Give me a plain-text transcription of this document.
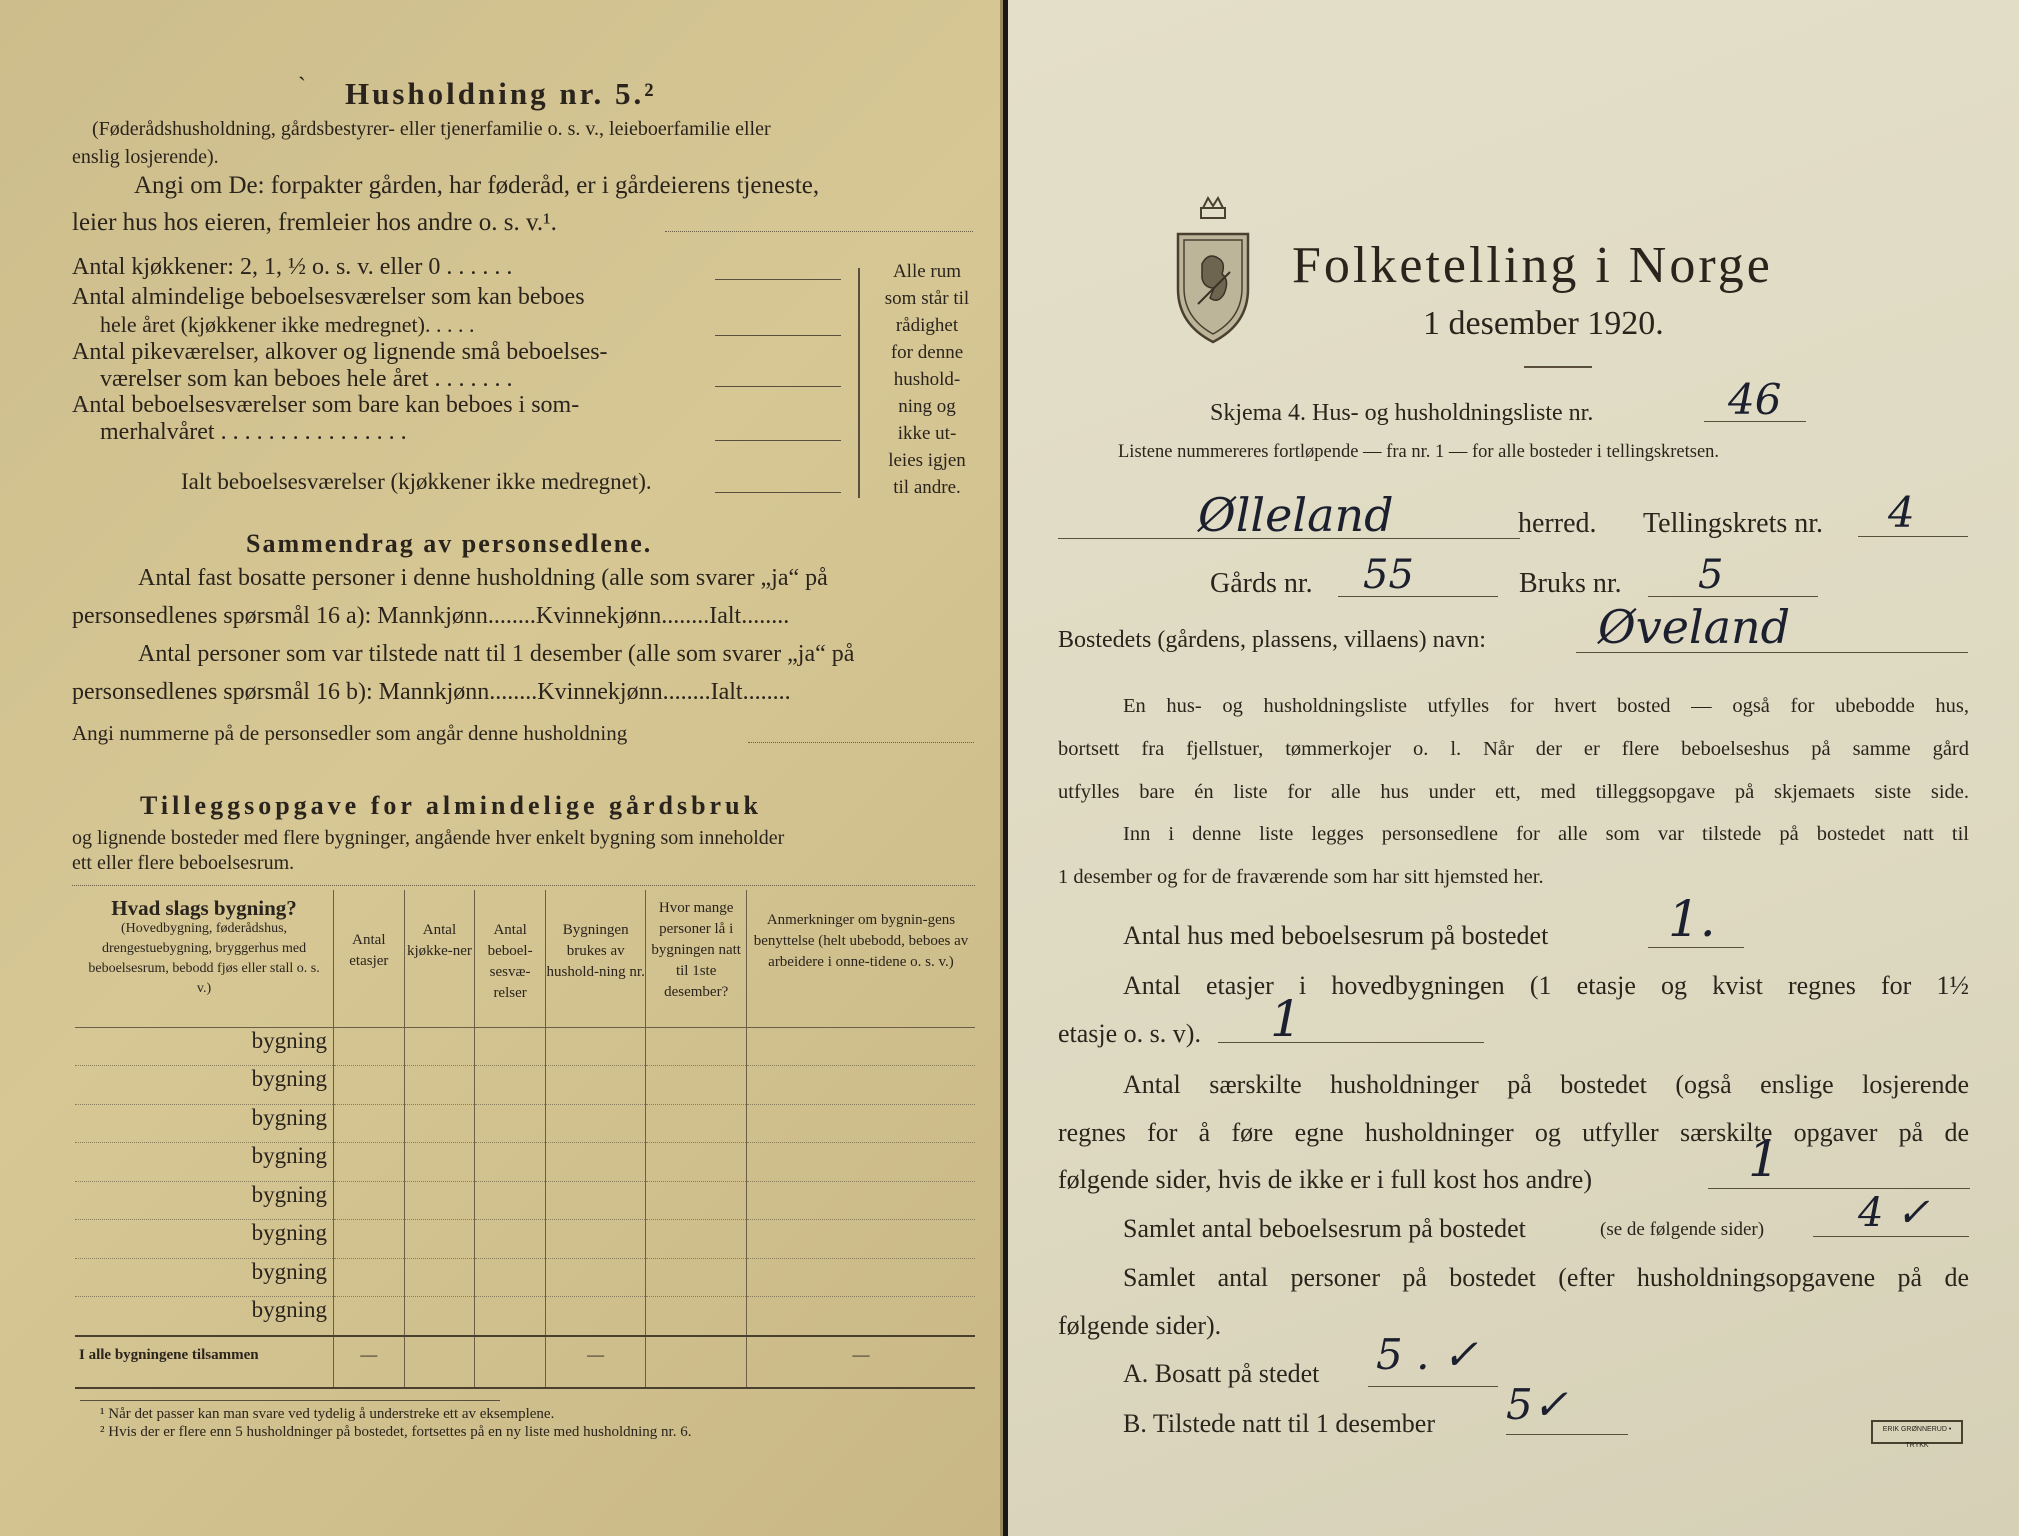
` Husholdning nr. 5.²
(Føderådshusholdning, gårdsbestyrer- eller tjenerfamilie o. s. v., leieboerfamilie eller
enslig losjerende).
Angi om De: forpakter gården, har føderåd, er i gårdeierens tjeneste,
leier hus hos eieren, fremleier hos andre o. s. v.¹.
Antal kjøkkener: 2, 1, ½ o. s. v. eller 0 . . . . . .
Antal almindelige beboelsesværelser som kan beboes
hele året (kjøkkener ikke medregnet). . . . .
Antal pikeværelser, alkover og lignende små beboelses-
værelser som kan beboes hele året . . . . . . .
Antal beboelsesværelser som bare kan beboes i som-
merhalvåret . . . . . . . . . . . . . . . .
Ialt beboelsesværelser (kjøkkener ikke medregnet).
Alle rum
som står til
rådighet
for denne
hushold-
ning og
ikke ut-
leies igjen
til andre.
Sammendrag av personsedlene.
Antal fast bosatte personer i denne husholdning (alle som svarer „ja“ på
personsedlenes spørsmål 16 a): Mannkjønn........Kvinnekjønn........Ialt........
Antal personer som var tilstede natt til 1 desember (alle som svarer „ja“ på
personsedlenes spørsmål 16 b): Mannkjønn........Kvinnekjønn........Ialt........
Angi nummerne på de personsedler som angår denne husholdning
Tilleggsopgave for almindelige gårdsbruk
og lignende bosteder med flere bygninger, angående hver enkelt bygning som inneholder
ett eller flere beboelsesrum.
Hvad slags bygning?
(Hovedbygning, føderådshus, drengestuebygning, bryggerhus med beboelsesrum, bebodd fjøs eller stall o. s. v.)	Antal etasjer	Antal kjøkke-ner	Antal beboel-sesvæ-relser	Bygningen brukes av hushold-ning nr.	Hvor mange personer lå i bygningen natt til 1ste desember?	Anmerkninger om bygnin-gens benyttelse (helt ubebodd, beboes av arbeidere i onne-tidene o. s. v.)
bygning						
bygning						
bygning						
bygning						
bygning						
bygning						
bygning						
bygning						
I alle bygningene tilsammen	—			—		—
¹ Når det passer kan man svare ved tydelig å understreke ett av eksemplene.
² Hvis der er flere enn 5 husholdninger på bostedet, fortsettes på en ny liste med husholdning nr. 6.
Folketelling i Norge
1 desember 1920.
Skjema 4. Hus- og husholdningsliste nr.	46
Listene nummereres fortløpende — fra nr. 1 — for alle bosteder i tellingskretsen.
Ølleland	herred. Tellingskrets nr. 4
Gårds nr. 55	Bruks nr. 5
Bostedets (gårdens, plassens, villaens) navn: Øveland
En hus- og husholdningsliste utfylles for hvert bosted — også for ubebodde hus,
bortsett fra fjellstuer, tømmerkojer o. l. Når der er flere beboelseshus på samme gård
utfylles bare én liste for alle hus under ett, med tilleggsopgave på skjemaets siste side.
Inn i denne liste legges personsedlene for alle som var tilstede på bostedet natt til
1 desember og for de fraværende som har sitt hjemsted her.
Antal hus med beboelsesrum på bostedet 1.
Antal etasjer i hovedbygningen (1 etasje og kvist regnes for 1½
etasje o. s. v). 1
Antal særskilte husholdninger på bostedet (også enslige losjerende
regnes for å føre egne husholdninger og utfyller særskilte opgaver på de
følgende sider, hvis de ikke er i full kost hos andre)	1
Samlet antal beboelsesrum på bostedet	(se de følgende sider) 4 ✓
Samlet antal personer på bostedet (efter husholdningsopgavene på de
følgende sider).
A. Bosatt på stedet 5 . ✓
B. Tilstede natt til 1 desember 5✓
ERIK GRØNNERUD • TRYKK
